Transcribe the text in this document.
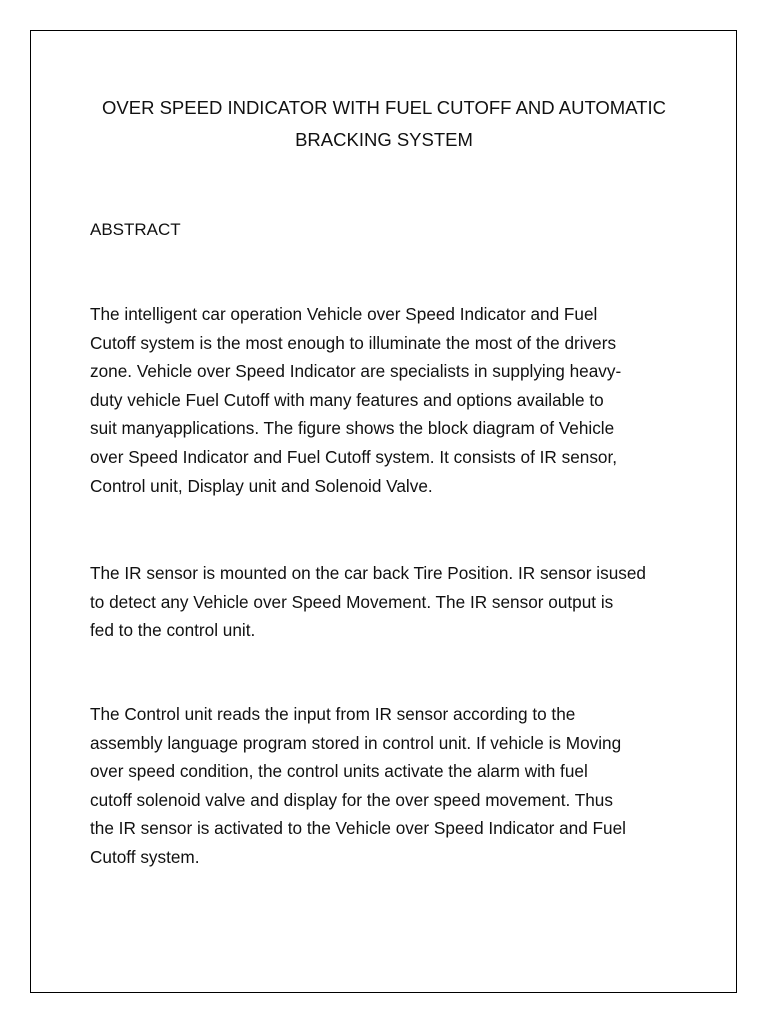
OVER SPEED INDICATOR WITH FUEL CUTOFF AND AUTOMATIC
BRACKING SYSTEM
ABSTRACT

The intelligent car operation Vehicle over Speed Indicator and Fuel
Cutoff system is the most enough to illuminate the most of the drivers
zone. Vehicle over Speed Indicator are specialists in supplying heavy-
duty vehicle Fuel Cutoff with many features and options available to
suit manyapplications. The figure shows the block diagram of Vehicle
over Speed Indicator and Fuel Cutoff system. It consists of IR sensor,
Control unit, Display unit and Solenoid Valve.

The IR sensor is mounted on the car back Tire Position. IR sensor isused
to detect any Vehicle over Speed Movement. The IR sensor output is
fed to the control unit.

The Control unit reads the input from IR sensor according to the
assembly language program stored in control unit. If vehicle is Moving
over speed condition, the control units activate the alarm with fuel
cutoff solenoid valve and display for the over speed movement. Thus
the IR sensor is activated to the Vehicle over Speed Indicator and Fuel
Cutoff system.
